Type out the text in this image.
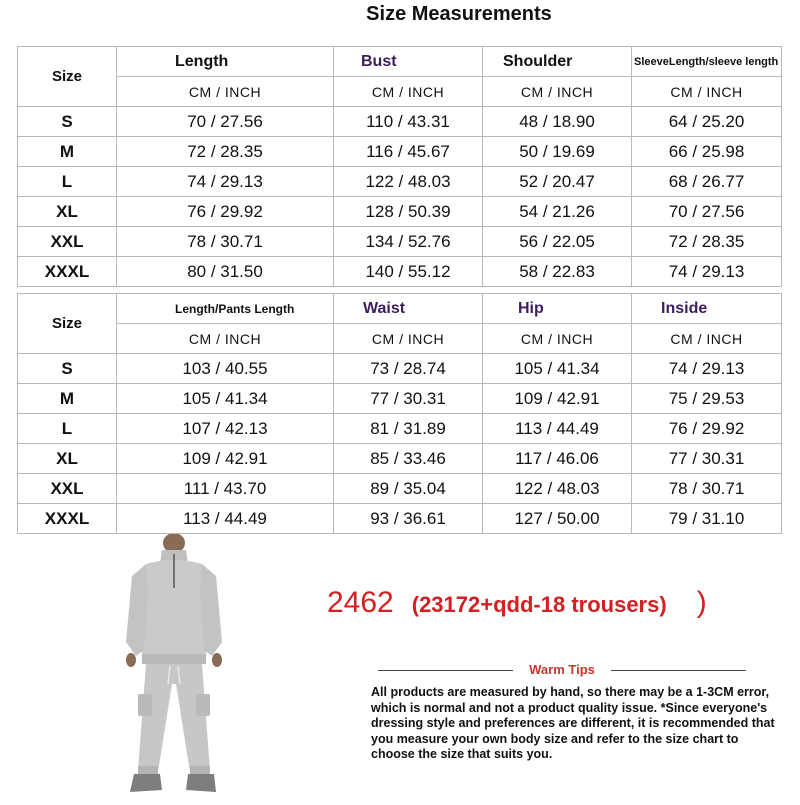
Size Measurements
Size	Length	Bust	Shoulder	SleeveLength/sleeve length
	CM / INCH	CM / INCH	CM / INCH	CM / INCH
S	70 / 27.56	110 / 43.31	48 / 18.90	64 / 25.20
M	72 / 28.35	116 / 45.67	50 / 19.69	66 / 25.98
L	74 / 29.13	122 / 48.03	52 / 20.47	68 / 26.77
XL	76 / 29.92	128 / 50.39	54 / 21.26	70 / 27.56
XXL	78 / 30.71	134 / 52.76	56 / 22.05	72 / 28.35
XXXL	80 / 31.50	140 / 55.12	58 / 22.83	74 / 29.13
Size	Length/Pants Length	Waist	Hip	Inside
	CM / INCH	CM / INCH	CM / INCH	CM / INCH
S	103 / 40.55	73 / 28.74	105 / 41.34	74 / 29.13
M	105 / 41.34	77 / 30.31	109 / 42.91	75 / 29.53
L	107 / 42.13	81 / 31.89	113 / 44.49	76 / 29.92
XL	109 / 42.91	85 / 33.46	117 / 46.06	77 / 30.31
XXL	111 / 43.70	89 / 35.04	122 / 48.03	78 / 30.71
XXXL	113 / 44.49	93 / 36.61	127 / 50.00	79 / 31.10
2462 (23172+qdd-18 trousers) )
Warm Tips
All products are measured by hand, so there may be a 1-3CM error, which is normal and not a product quality issue. *Since everyone's dressing style and preferences are different, it is recommended that you measure your own body size and refer to the size chart to choose the size that suits you.
